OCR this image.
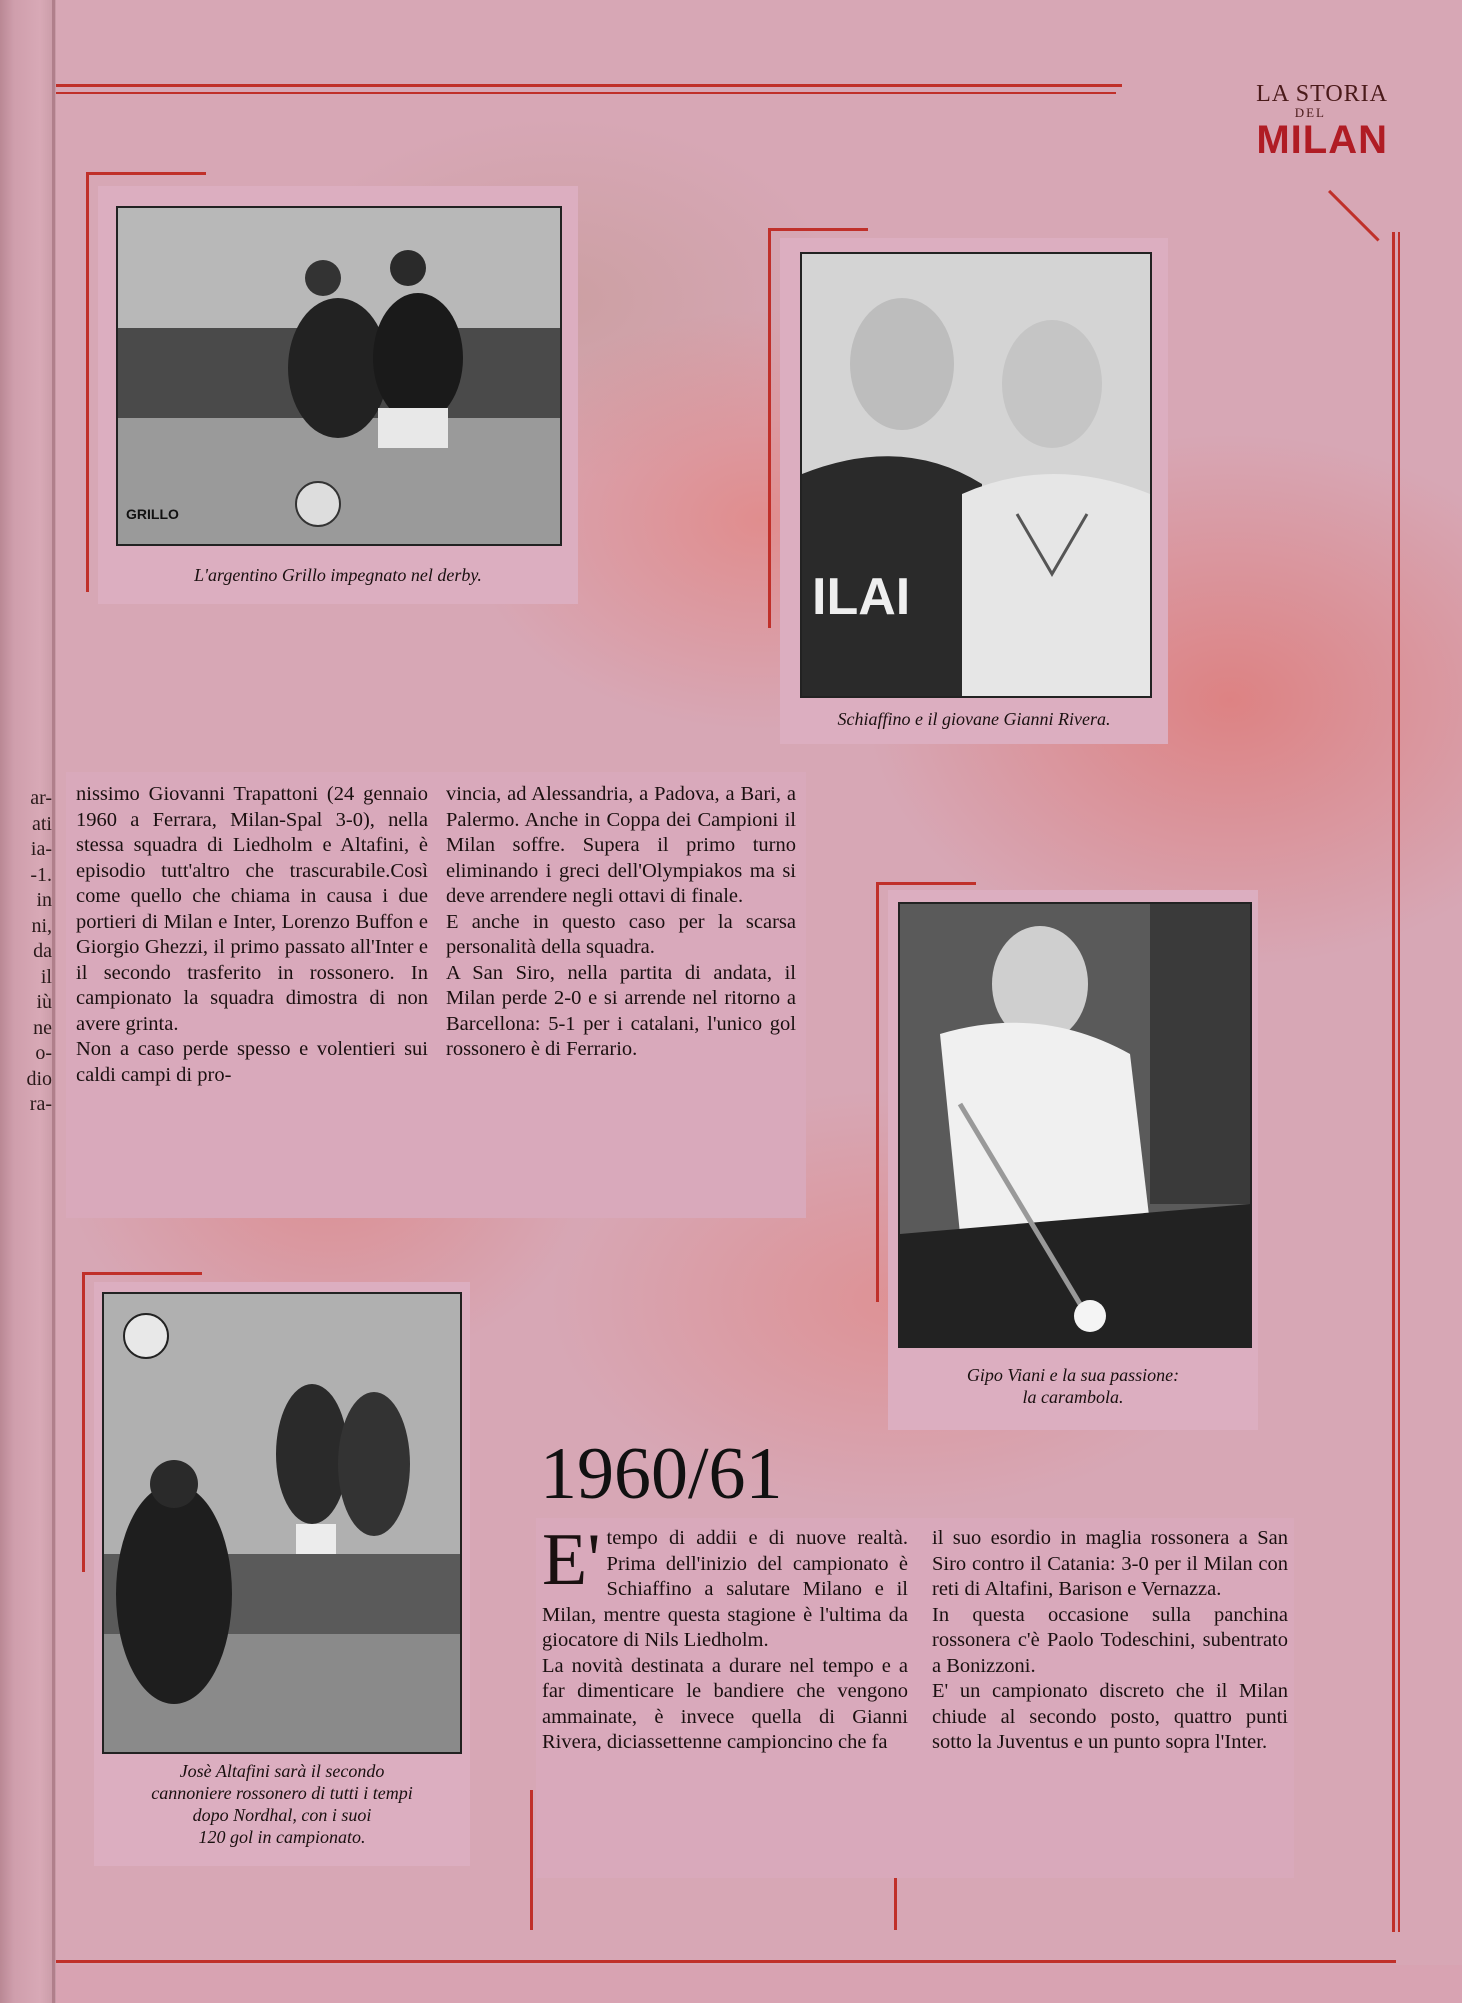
LA STORIA
DEL
MILAN
ar-
ati
ia-
-1.
in
ni,
da
il
iù
ne
o-
dio
ra-
GRILLO
L'argentino Grillo impegnato nel derby.	ILAI
Schiaffino e il giovane Gianni Rivera.

nissimo Giovanni Trapattoni (24 gennaio 1960 a Ferrara, Milan-Spal 3-0), nella stessa squadra di Liedholm e Altafini, è episodio tutt'altro che trascurabile.Così come quello che chiama in causa i due portieri di Milan e Inter, Lorenzo Buffon e Giorgio Ghezzi, il primo passato all'Inter e il secondo trasferito in rossonero. In campionato la squadra dimostra di non avere grinta.

Non a caso perde spesso e volentieri sui caldi campi di pro-

vincia, ad Alessandria, a Padova, a Bari, a Palermo. Anche in Coppa dei Campioni il Milan soffre. Supera il primo turno eliminando i greci dell'Olympiakos ma si deve arrendere negli ottavi di finale.

E anche in questo caso per la scarsa personalità della squadra.

A San Siro, nella partita di andata, il Milan perde 2-0 e si arrende nel ritorno a Barcellona: 5-1 per i catalani, l'unico gol rossonero è di Ferrario.

Gipo Viani e la sua passione:
la carambola.
Josè Altafini sarà il secondo
cannoniere rossonero di tutti i tempi
dopo Nordhal, con i suoi
120 gol in campionato.
1960/61

E' tempo di addii e di nuove realtà. Prima dell'inizio del campionato è Schiaffino a salutare Milano e il Milan, mentre questa stagione è l'ultima da giocatore di Nils Liedholm.

La novità destinata a durare nel tempo e a far dimenticare le bandiere che vengono ammainate, è invece quella di Gianni Rivera, diciassettenne campioncino che fa

il suo esordio in maglia rossonera a San Siro contro il Catania: 3-0 per il Milan con reti di Altafini, Barison e Vernazza.

In questa occasione sulla panchina rossonera c'è Paolo Todeschini, subentrato a Bonizzoni.

E' un campionato discreto che il Milan chiude al secondo posto, quattro punti sotto la Juventus e un punto sopra l'Inter.
